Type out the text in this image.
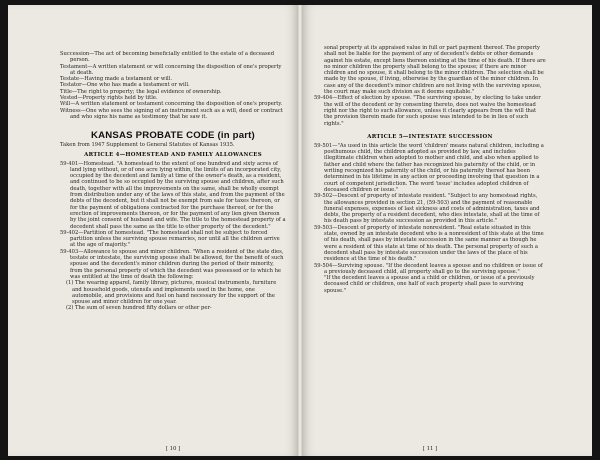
Succession—The act of becoming beneficially entitled to the estate of a deceased person.

Testament—A written statement or will concerning the disposition of one's property at death.

Testate—Having made a testament or will.

Testator—One who has made a testament or will.

Title—The right to property; the legal evidence of ownership.

Vested—Property rights held by title.

Will—A written statement or testament concerning the disposition of one's property.

Witness—One who sees the signing of an instrument such as a will, deed or contract and who signs his name as testimony that he saw it.

KANSAS PROBATE CODE (in part)

Taken from 1947 Supplement to General Statutes of Kansas 1935.

ARTICLE 4—HOMESTEAD AND FAMILY ALLOWANCES

59-401—Homestead. "A homestead to the extent of one hundred and sixty acres of land lying without, or of one acre lying within, the limits of an incorporated city, occupied by the decedent and family at time of the owner's death, as a resident, and continued to be so occupied by the surviving spouse and children, after such death, together with all the improvements on the same, shall be wholly exempt from distribution under any of the laws of this state, and from the payment of the debts of the decedent, but it shall not be exempt from sale for taxes thereon, or for the payment of obligations contracted for the purchase thereof, or for the erection of improvements thereon, or for the payment of any lien given thereon by the joint consent of husband and wife. The title to the homestead property of a decedent shall pass the same as the title to other property of the decedent."

59-402—Partition of homestead. "The homestead shall not be subject to forced partition unless the surviving spouse remarries, nor until all the children arrive at the age of majority."

59-403—Allowance to spouse and minor children. "When a resident of the state dies, testate or intestate, the surviving spouse shall be allowed, for the benefit of such spouse and the decedent's minor children during the period of their minority, from the personal property of which the decedent was possessed or to which he was entitled at the time of death the following:

(1) The wearing apparel, family library, pictures, musical instruments, furniture and household goods, utensils and implements used in the home, one automobile, and provisions and fuel on hand necessary for the support of the spouse and minor children for one year.

(2) The sum of seven hundred fifty dollars or other per-

[ 10 ]

sonal property at its appraised value in full or part payment thereof. The property shall not be liable for the payment of any of decedent's debts or other demands against his estate, except liens thereon existing at the time of his death. If there are no minor children the property shall belong to the spouse; if there are minor children and no spouse, it shall belong to the minor children. The selection shall be made by the spouse, if living, otherwise by the guardian of the minor children. In case any of the decedent's minor children are not living with the surviving spouse, the court may make such division as it deems equitable."

59-404—Effect of election by spouse. "The surviving spouse, by electing to take under the will of the decedent or by consenting thereto, does not waive the homestead right nor the right to such allowance, unless it clearly appears from the will that the provision therein made for such spouse was intended to be in lieu of such rights."

ARTICLE 5—INTESTATE SUCCESSION

59-501—"As used in this article the word 'children' means natural children, including a posthumous child, the children adopted as provided by law, and includes illegitimate children when adopted to mother and child, and also when applied to father and child where the father has recognized his paternity of the child, or in writing recognized his paternity of the child, or his paternity thereof has been determined in his lifetime in any action or proceeding involving that question in a court of competent jurisdiction. The word 'issue' includes adopted children of deceased children or issue."

59-502—Descent of property of intestate resident. "Subject to any homestead rights, the allowances provided in section 21, (59-503) and the payment of reasonable funeral expenses, expenses of last sickness and costs of administration, taxes and debts, the property of a resident decedent, who dies intestate, shall at the time of his death pass by intestate succession as provided in this article."

59-503—Descent of property of intestate nonresident. "Real estate situated in this state, owned by an intestate decedent who is a nonresident of this state at the time of his death, shall pass by intestate succession in the same manner as though he were a resident of this state at time of his death. The personal property of such a decedent shall pass by intestate succession under the laws of the place of his residence at the time of his death."

59-504—Surviving spouse. "If the decedent leaves a spouse and no children or issue of a previously deceased child, all property shall go to the surviving spouse."

"If the decedent leaves a spouse and a child or children, or issue of a previously deceased child or children, one half of such property shall pass to surviving spouse."

[ 11 ]
